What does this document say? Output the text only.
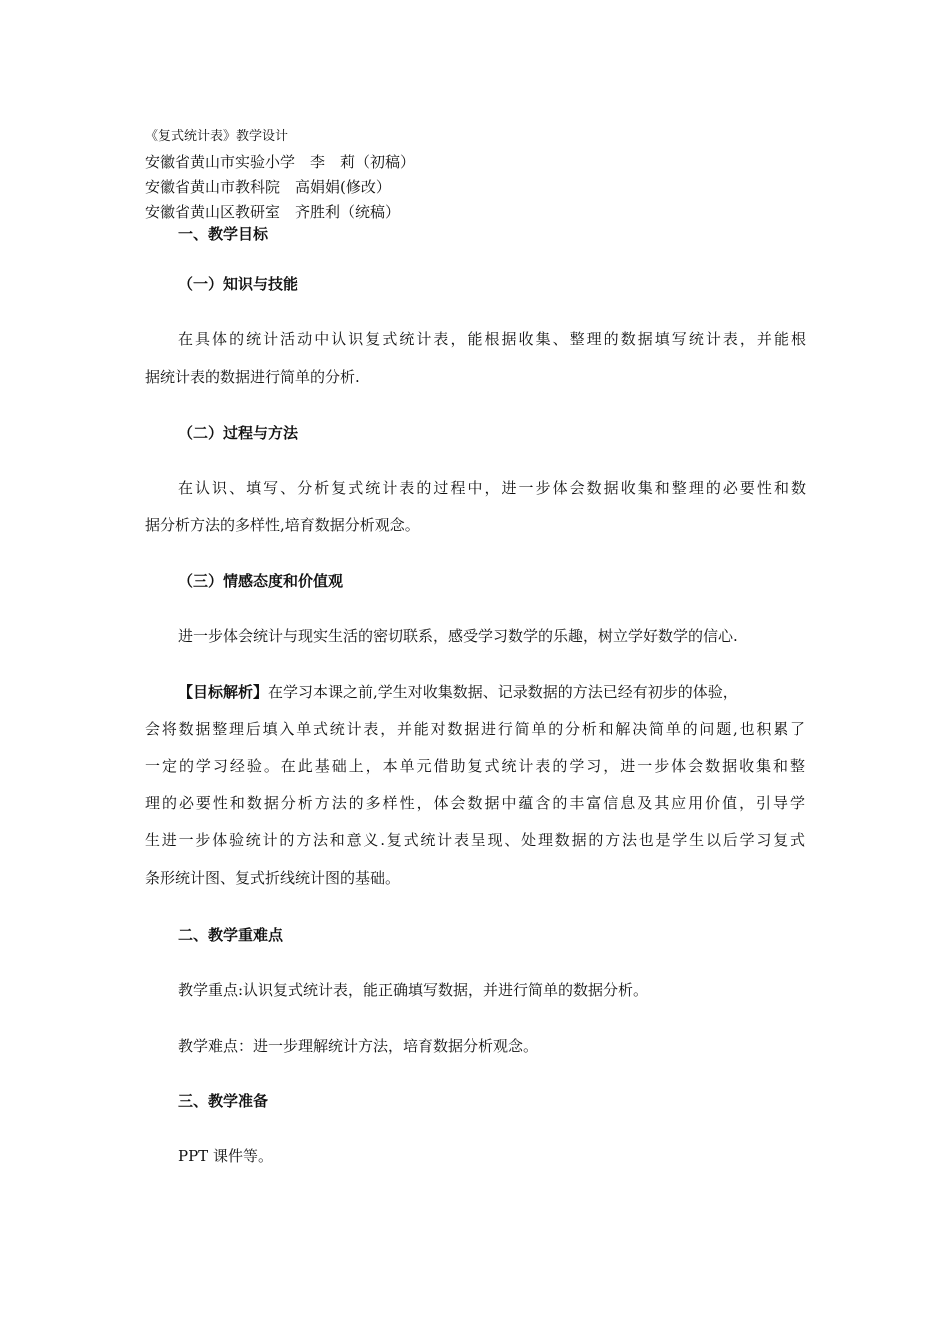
《复式统计表》教学设计
安徽省黄山市实验小学　李　莉（初稿）
安徽省黄山市教科院　高娟娟(修改）
安徽省黄山区教研室　齐胜利（统稿）
一、教学目标
（一）知识与技能
在具体的统计活动中认识复式统计表，能根据收集、整理的数据填写统计表，并能根
据统计表的数据进行简单的分析.
（二）过程与方法
在认识、填写、分析复式统计表的过程中，进一步体会数据收集和整理的必要性和数
据分析方法的多样性,培育数据分析观念。
（三）情感态度和价值观
进一步体会统计与现实生活的密切联系，感受学习数学的乐趣，树立学好数学的信心.
【目标解析】在学习本课之前,学生对收集数据、记录数据的方法已经有初步的体验，
会将数据整理后填入单式统计表，并能对数据进行简单的分析和解决简单的问题,也积累了
一定的学习经验。在此基础上，本单元借助复式统计表的学习，进一步体会数据收集和整
理的必要性和数据分析方法的多样性，体会数据中蕴含的丰富信息及其应用价值，引导学
生进一步体验统计的方法和意义.复式统计表呈现、处理数据的方法也是学生以后学习复式
条形统计图、复式折线统计图的基础。
二、教学重难点
教学重点:认识复式统计表，能正确填写数据，并进行简单的数据分析。
教学难点：进一步理解统计方法，培育数据分析观念。
三、教学准备
PPT 课件等。
